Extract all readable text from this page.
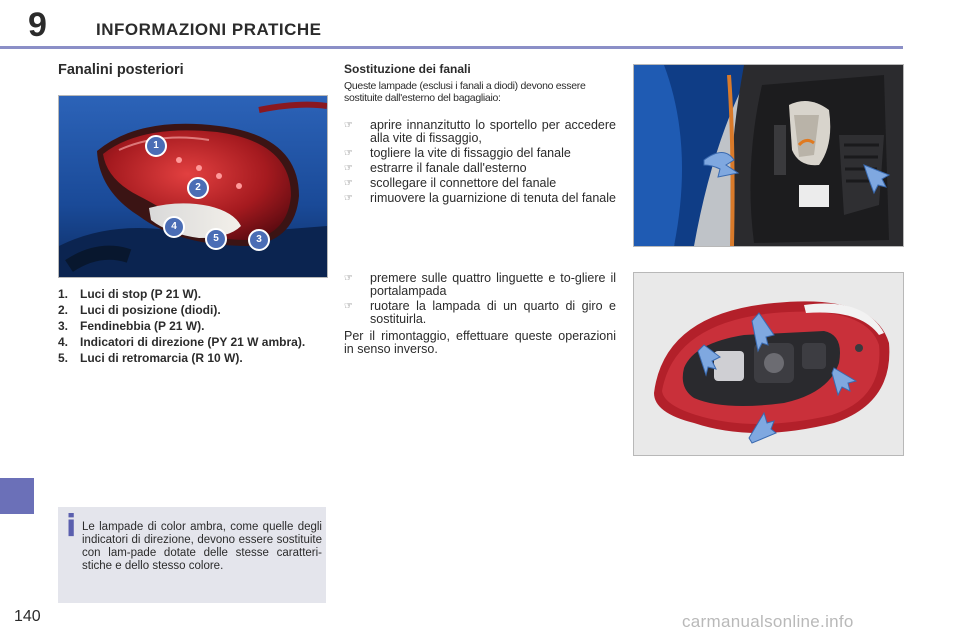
9	INFORMAZIONI PRATICHE
Fanalini posteriori
1
2
3
4
5
1. Luci di stop (P 21 W).
2. Luci di posizione (diodi).
3. Fendinebbia (P 21 W).
4. Indicatori di direzione (PY 21 W ambra).
5. Luci di retromarcia (R 10 W).
i Le lampade di color ambra, come quelle degli indicatori di direzione, devono essere sostituite con lam-pade dotate delle stesse caratteri-stiche e dello stesso colore.
Sostituzione dei fanali
Queste lampade (esclusi i fanali a diodi) devono essere sostituite dall'esterno del bagagliaio:
☞	aprire innanzitutto lo sportello per accedere alla vite di fissaggio,
☞	togliere la vite di fissaggio del fanale
☞	estrarre il fanale dall'esterno
☞	scollegare il connettore del fanale
☞	rimuovere la guarnizione di tenuta del fanale
☞	premere sulle quattro linguette e to-gliere il portalampada
☞	ruotare la lampada di un quarto di giro e sostituirla.
Per il rimontaggio, effettuare queste operazioni in senso inverso.
140	carmanualsonline.info
